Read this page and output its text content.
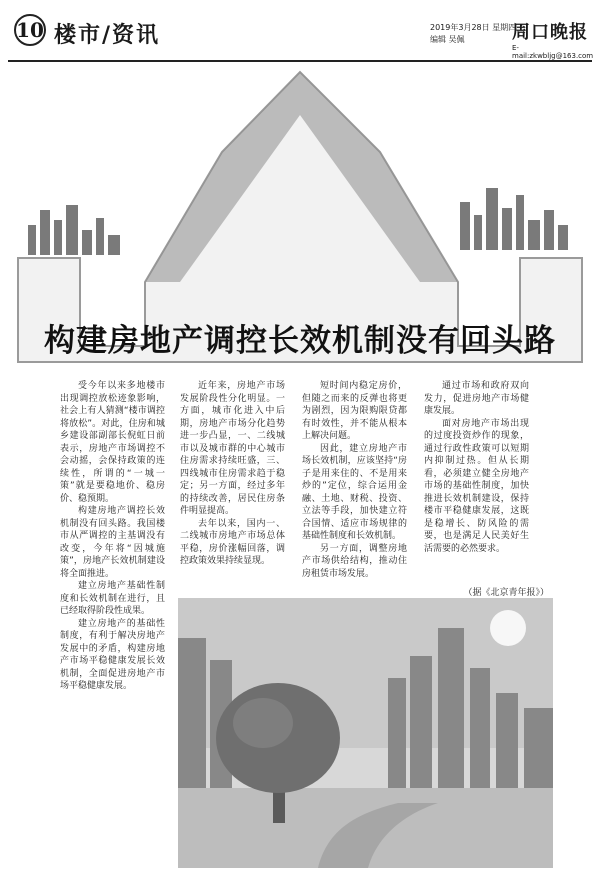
10 楼市/资讯	2019年3月28日 星期四
编辑 吴佩	周口晚报
E-mail:zkwbljg@163.com
构建房地产调控长效机制没有回头路

受今年以来多地楼市出现调控放松迹象影响，社会上有人猜测“楼市调控将放松”。对此，住房和城乡建设部副部长倪虹日前表示，房地产市场调控不会动摇，会保持政策的连续性，所谓的“一城一策”就是要稳地价、稳房价、稳预期。

构建房地产调控长效机制没有回头路。我国楼市从严调控的主基调没有改变，今年将“因城施策”，房地产长效机制建设将全面推进。

建立房地产基础性制度和长效机制在进行，且已经取得阶段性成果。

建立房地产的基础性制度，有利于解决房地产发展中的矛盾，构建房地产市场平稳健康发展长效机制，全面促进房地产市场平稳健康发展。

近年来，房地产市场发展阶段性分化明显。一方面，城市化进入中后期，房地产市场分化趋势进一步凸显，一、二线城市以及城市群的中心城市住房需求持续旺盛，三、四线城市住房需求趋于稳定；另一方面，经过多年的持续改善，居民住房条件明显提高。

去年以来，国内一、二线城市房地产市场总体平稳，房价涨幅回落，调控政策效果持续显现。

短时间内稳定房价，但随之而来的反弹也将更为剧烈，因为限购限贷都有时效性，并不能从根本上解决问题。

因此，建立房地产市场长效机制，应该坚持“房子是用来住的、不是用来炒的”定位，综合运用金融、土地、财税、投资、立法等手段，加快建立符合国情、适应市场规律的基础性制度和长效机制。

另一方面，调整房地产市场供给结构，推动住房租赁市场发展。

通过市场和政府双向发力，促进房地产市场健康发展。

面对房地产市场出现的过度投资炒作的现象，通过行政性政策可以短期内抑制过热。但从长期看，必须建立健全房地产市场的基础性制度，加快推进长效机制建设，保持楼市平稳健康发展，这既是稳增长、防风险的需要，也是满足人民美好生活需要的必然要求。

（据《北京青年报》）
